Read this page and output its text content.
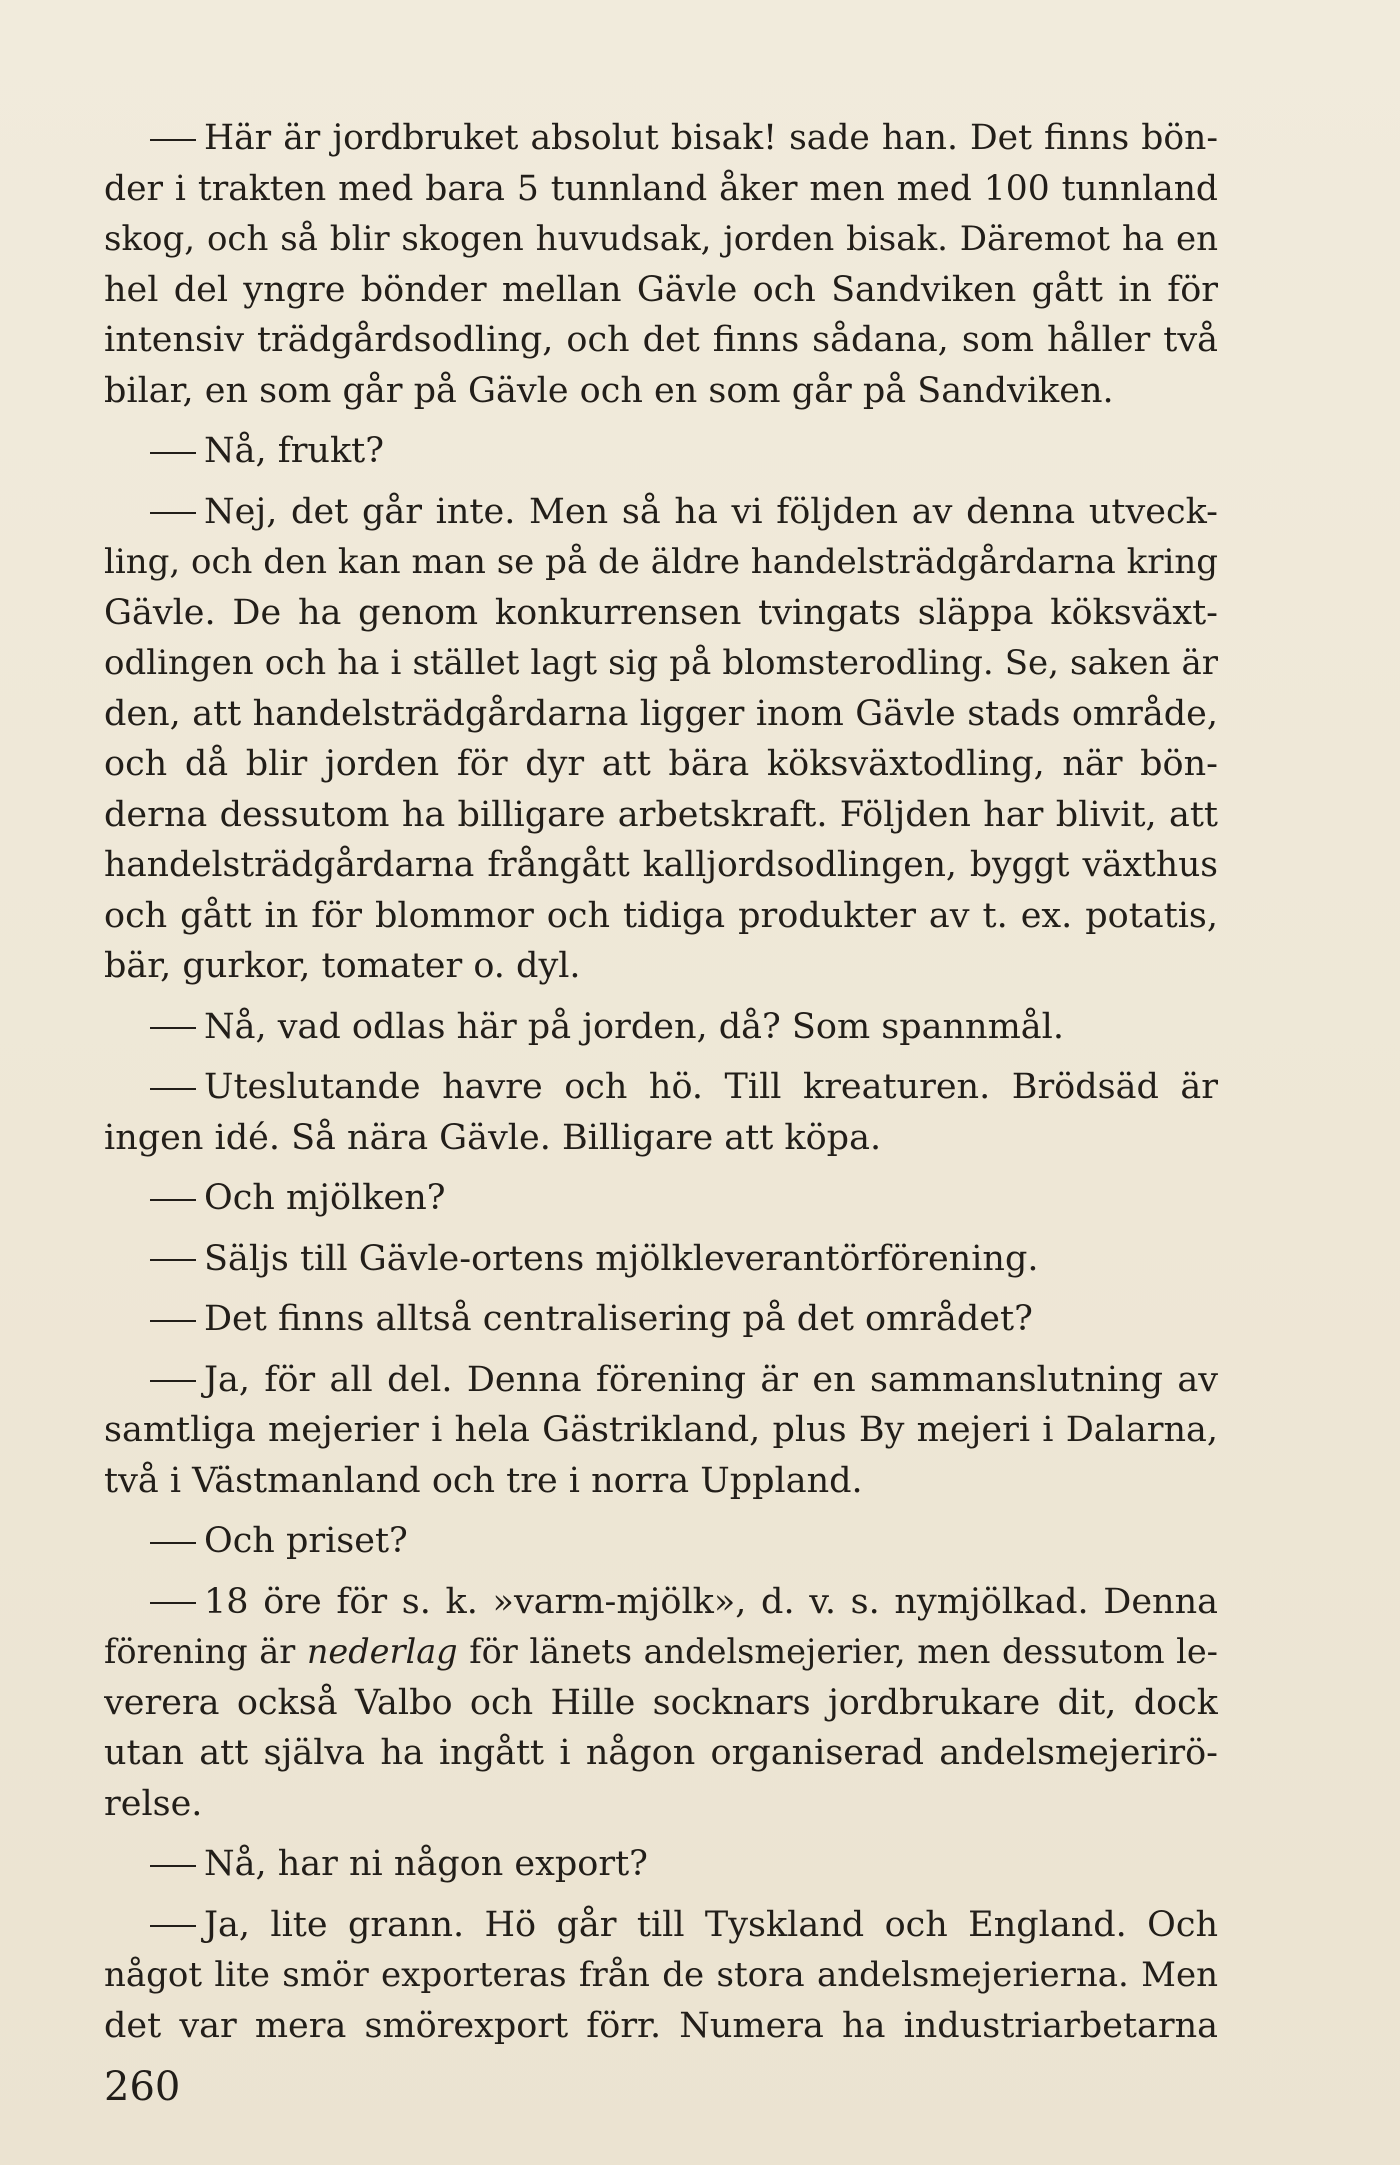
Här är jordbruket absolut bisak! sade han. Det finns bön-
der i trakten med bara 5 tunnland åker men med 100 tunnland
skog, och så blir skogen huvudsak, jorden bisak. Däremot ha en
hel del yngre bönder mellan Gävle och Sandviken gått in för
intensiv trädgårdsodling, och det finns sådana, som håller två
bilar, en som går på Gävle och en som går på Sandviken.
Nå, frukt?
Nej, det går inte. Men så ha vi följden av denna utveck-
ling, och den kan man se på de äldre handelsträdgårdarna kring
Gävle. De ha genom konkurrensen tvingats släppa köksväxt-
odlingen och ha i stället lagt sig på blomsterodling. Se, saken är
den, att handelsträdgårdarna ligger inom Gävle stads område,
och då blir jorden för dyr att bära köksväxtodling, när bön-
derna dessutom ha billigare arbetskraft. Följden har blivit, att
handelsträdgårdarna frångått kalljordsodlingen, byggt växthus
och gått in för blommor och tidiga produkter av t. ex. potatis,
bär, gurkor, tomater o. dyl.
Nå, vad odlas här på jorden, då? Som spannmål.
Uteslutande havre och hö. Till kreaturen. Brödsäd är
ingen idé. Så nära Gävle. Billigare att köpa.
Och mjölken?
Säljs till Gävle-ortens mjölkleverantörförening.
Det finns alltså centralisering på det området?
Ja, för all del. Denna förening är en sammanslutning av
samtliga mejerier i hela Gästrikland, plus By mejeri i Dalarna,
två i Västmanland och tre i norra Uppland.
Och priset?
18 öre för s. k. »varm-mjölk», d. v. s. nymjölkad. Denna
förening är nederlag för länets andelsmejerier, men dessutom le-
verera också Valbo och Hille socknars jordbrukare dit, dock
utan att själva ha ingått i någon organiserad andelsmejerirö-
relse.
Nå, har ni någon export?
Ja, lite grann. Hö går till Tyskland och England. Och
något lite smör exporteras från de stora andelsmejerierna. Men
det var mera smörexport förr. Numera ha industriarbetarna
260
